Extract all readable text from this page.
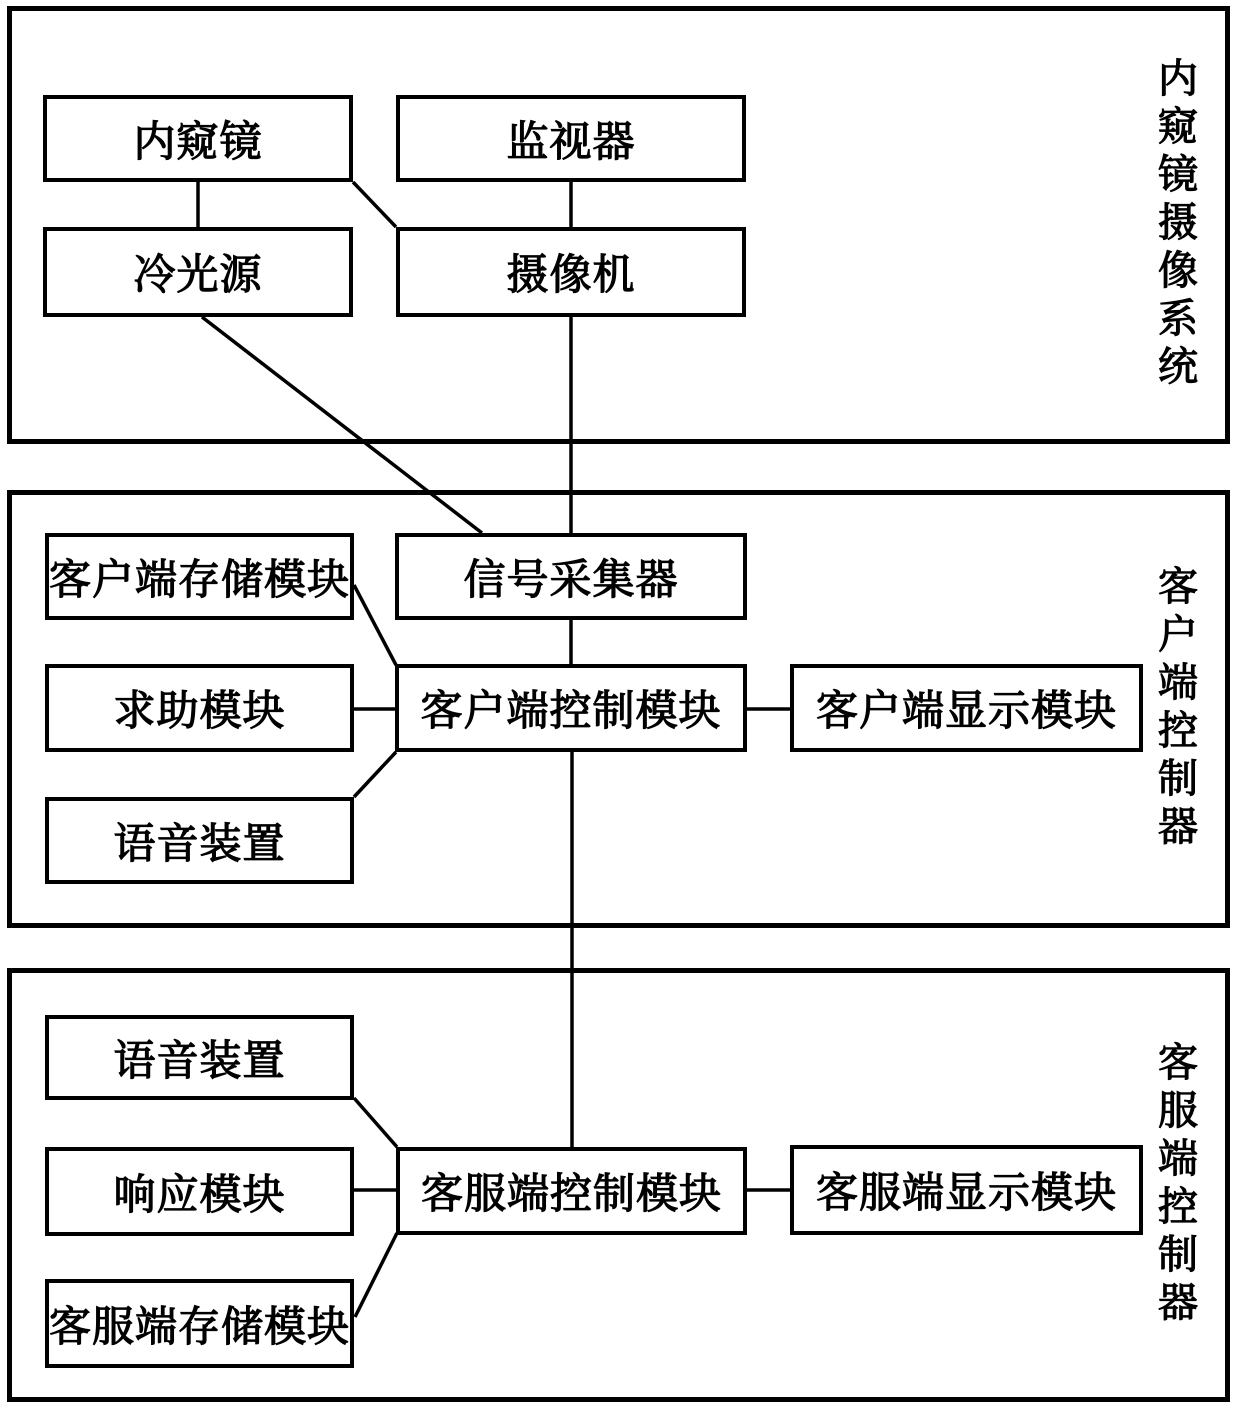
内窥镜	监视器
冷光源	摄像机
客户端存储模块	信号采集器
求助模块	客户端控制模块	客户端显示模块
语音装置
语音装置
响应模块
客服端存储模块
客服端控制模块	客服端显示模块
内窥镜摄像系统
客户端控制器
客服端控制器
